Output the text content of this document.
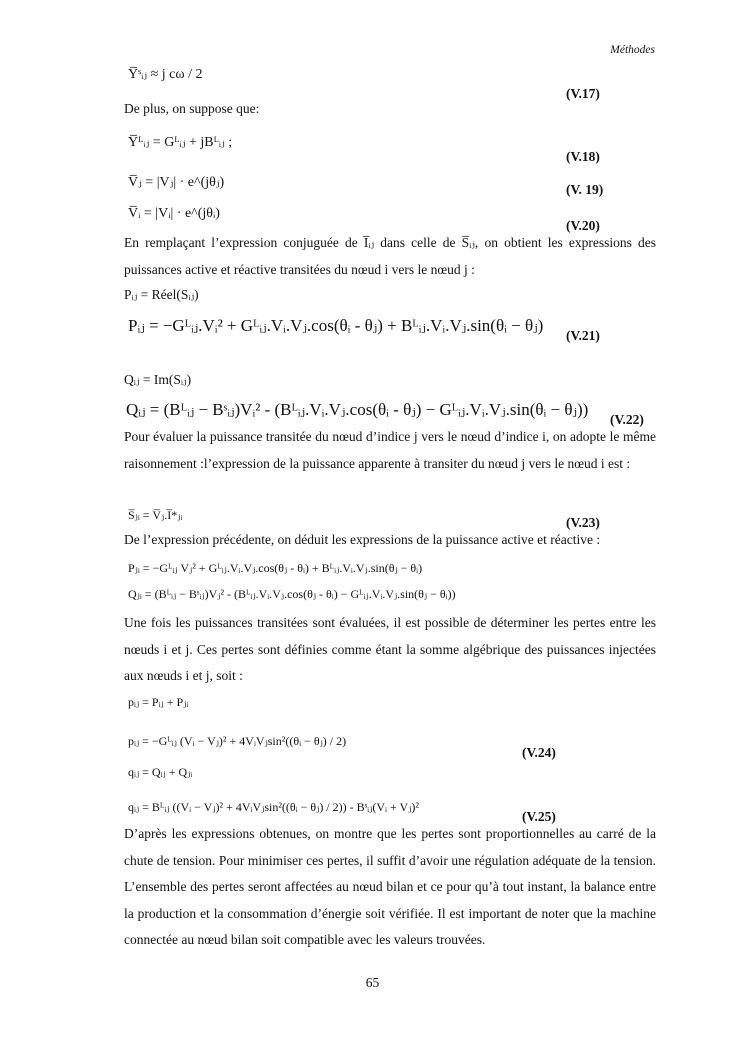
Méthodes
Y̅ˢᵢⱼ ≈ j cω / 2
(V.17)
De plus, on suppose que:
Y̅ᴸᵢⱼ = Gᴸᵢⱼ + jBᴸᵢⱼ ;
(V.18)
V̅ⱼ = |Vⱼ| · e^(jθⱼ)	(V. 19)
V̅ᵢ = |Vᵢ| · e^(jθᵢ)
(V.20)
En remplaçant l’expression conjuguée de I̅ᵢⱼ dans celle de S̅ᵢⱼ, on obtient les expressions des puissances active et réactive transitées du nœud i vers le nœud j :
Pᵢⱼ = Réel(Sᵢⱼ)
Pᵢⱼ = −Gᴸᵢⱼ.Vᵢ² + Gᴸᵢⱼ.Vᵢ.Vⱼ.cos(θᵢ - θⱼ) + Bᴸᵢⱼ.Vᵢ.Vⱼ.sin(θᵢ − θⱼ)
(V.21)
Qᵢⱼ = Im(Sᵢⱼ)
Qᵢⱼ = (Bᴸᵢⱼ − Bˢᵢⱼ)Vᵢ² - (Bᴸᵢⱼ.Vᵢ.Vⱼ.cos(θᵢ - θⱼ) − Gᴸᵢⱼ.Vᵢ.Vⱼ.sin(θᵢ − θⱼ))
(V.22)
Pour évaluer la puissance transitée du nœud d’indice j vers le nœud d’indice i, on adopte le même raisonnement :l’expression de la puissance apparente à transiter du nœud j vers le nœud i est :
S̅ⱼᵢ = V̅ⱼ.I̅*ⱼᵢ	(V.23)
De l’expression précédente, on déduit les expressions de la puissance active et réactive :
Pⱼᵢ = −Gᴸᵢⱼ Vⱼ² + Gᴸᵢⱼ.Vᵢ.Vⱼ.cos(θⱼ - θᵢ) + Bᴸᵢⱼ.Vᵢ.Vⱼ.sin(θⱼ − θᵢ)
Qⱼᵢ = (Bᴸᵢⱼ − Bˢᵢⱼ)Vⱼ² - (Bᴸᵢⱼ.Vᵢ.Vⱼ.cos(θⱼ - θᵢ) − Gᴸᵢⱼ.Vᵢ.Vⱼ.sin(θⱼ − θᵢ))
Une fois les puissances transitées sont évaluées, il est possible de déterminer les pertes entre les nœuds i et j. Ces pertes sont définies comme étant la somme algébrique des puissances injectées aux nœuds i et j, soit :
pᵢⱼ = Pᵢⱼ + Pⱼᵢ
pᵢⱼ = −Gᴸᵢⱼ (Vᵢ − Vⱼ)² + 4VᵢVⱼsin²((θᵢ − θⱼ) / 2)
(V.24)
qᵢⱼ = Qᵢⱼ + Qⱼᵢ
qᵢⱼ = Bᴸᵢⱼ ((Vᵢ − Vⱼ)² + 4VᵢVⱼsin²((θᵢ − θⱼ) / 2)) - Bˢᵢⱼ(Vᵢ + Vⱼ)²
(V.25)
D’après les expressions obtenues, on montre que les pertes sont proportionnelles au carré de la chute de tension. Pour minimiser ces pertes, il suffit d’avoir une régulation adéquate de la tension. L’ensemble des pertes seront affectées au nœud bilan et ce pour qu’à tout instant, la balance entre la production et la consommation d’énergie soit vérifiée. Il est important de noter que la machine connectée au nœud bilan soit compatible avec les valeurs trouvées.
65
